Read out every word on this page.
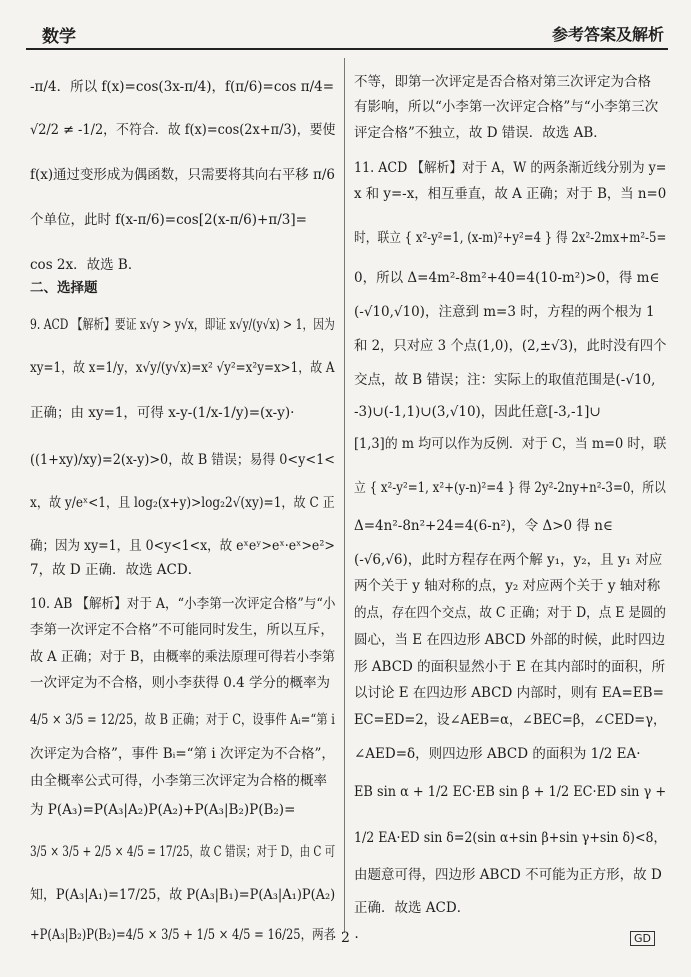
数学	参考答案及解析
-π/4．所以 f(x)=cos(3x-π/4)，f(π/6)=cos π/4=
√2/2 ≠ -1/2，不符合．故 f(x)=cos(2x+π/3)，要使
f(x)通过变形成为偶函数，只需要将其向右平移 π/6
个单位，此时 f(x-π/6)=cos[2(x-π/6)+π/3]=
cos 2x．故选 B．
二、选择题
9. ACD 【解析】要证 x√y > y√x，即证 x√y/(y√x) > 1，因为
xy=1，故 x=1/y，x√y/(y√x)=x² √y²=x²y=x>1，故 A
正确；由 xy=1，可得 x-y-(1/x-1/y)=(x-y)·
((1+xy)/xy)=2(x-y)>0，故 B 错误；易得 0<y<1<
x，故 y/eˣ<1，且 log₂(x+y)>log₂2√(xy)=1，故 C 正
确；因为 xy=1，且 0<y<1<x，故 eˣeʸ>eˣ·eˣ>e²>
7，故 D 正确．故选 ACD．
10. AB 【解析】对于 A，“小李第一次评定合格”与“小
李第一次评定不合格”不可能同时发生，所以互斥，
故 A 正确；对于 B，由概率的乘法原理可得若小李第
一次评定为不合格，则小李获得 0.4 学分的概率为
4/5 × 3/5 = 12/25，故 B 正确；对于 C，设事件 Aᵢ=“第 i
次评定为合格”，事件 Bᵢ=“第 i 次评定为不合格”，
由全概率公式可得，小李第三次评定为合格的概率
为 P(A₃)=P(A₃|A₂)P(A₂)+P(A₃|B₂)P(B₂)=
3/5 × 3/5 + 2/5 × 4/5 = 17/25，故 C 错误；对于 D，由 C 可
知，P(A₃|A₁)=17/25，故 P(A₃|B₁)=P(A₃|A₁)P(A₂)
+P(A₃|B₂)P(B₂)=4/5 × 3/5 + 1/5 × 4/5 = 16/25，两者
不等，即第一次评定是否合格对第三次评定为合格
有影响，所以“小李第一次评定合格”与“小李第三次
评定合格”不独立，故 D 错误．故选 AB．
11. ACD 【解析】对于 A，W 的两条渐近线分别为 y=
x 和 y=-x，相互垂直，故 A 正确；对于 B，当 n=0
时，联立 { x²-y²=1, (x-m)²+y²=4 } 得 2x²-2mx+m²-5=
0，所以 Δ=4m²-8m²+40=4(10-m²)>0，得 m∈
(-√10,√10)，注意到 m=3 时，方程的两个根为 1
和 2，只对应 3 个点(1,0)，(2,±√3)，此时没有四个
交点，故 B 错误；注：实际上的取值范围是(-√10,
-3)∪(-1,1)∪(3,√10)，因此任意[-3,-1]∪
[1,3]的 m 均可以作为反例．对于 C，当 m=0 时，联
立 { x²-y²=1, x²+(y-n)²=4 } 得 2y²-2ny+n²-3=0，所以
Δ=4n²-8n²+24=4(6-n²)，令 Δ>0 得 n∈
(-√6,√6)，此时方程存在两个解 y₁，y₂，且 y₁ 对应
两个关于 y 轴对称的点，y₂ 对应两个关于 y 轴对称
的点，存在四个交点，故 C 正确；对于 D，点 E 是圆的
圆心，当 E 在四边形 ABCD 外部的时候，此时四边
形 ABCD 的面积显然小于 E 在其内部时的面积，所
以讨论 E 在四边形 ABCD 内部时，则有 EA=EB=
EC=ED=2，设∠AEB=α，∠BEC=β，∠CED=γ，
∠AED=δ，则四边形 ABCD 的面积为 1/2 EA·
EB sin α + 1/2 EC·EB sin β + 1/2 EC·ED sin γ +
1/2 EA·ED sin δ=2(sin α+sin β+sin γ+sin δ)<8，
由题意可得，四边形 ABCD 不可能为正方形，故 D
正确．故选 ACD．
· 2 ·	GD
